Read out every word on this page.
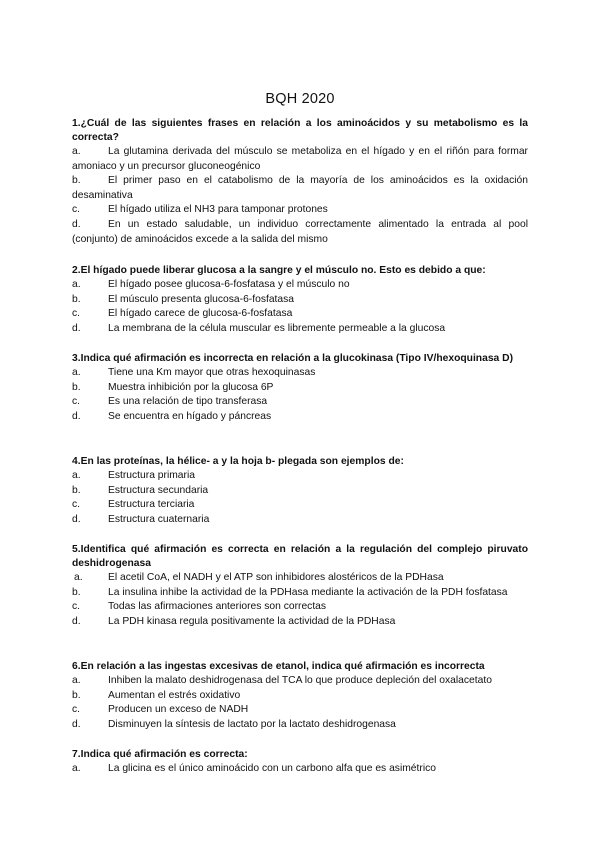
BQH 2020

1.¿Cuál de las siguientes frases en relación a los aminoácidos y su metabolismo es la correcta?

a.	La glutamina derivada del músculo se metaboliza en el hígado y en el riñón para formar amoniaco y un precursor gluconeogénico
b.	El primer paso en el catabolismo de la mayoría de los aminoácidos es la oxidación desaminativa
c.	El hígado utiliza el NH3 para tamponar protones
d.	En un estado saludable, un individuo correctamente alimentado la entrada al pool (conjunto) de aminoácidos excede a la salida del mismo

2.El hígado puede liberar glucosa a la sangre y el músculo no. Esto es debido a que:

a.	El hígado posee glucosa-6-fosfatasa y el músculo no
b.	El músculo presenta glucosa-6-fosfatasa
c.	El hígado carece de glucosa-6-fosfatasa
d.	La membrana de la célula muscular es libremente permeable a la glucosa

3.Indica qué afirmación es incorrecta en relación a la glucokinasa (Tipo IV/hexoquinasa D)

a.	Tiene una Km mayor que otras hexoquinasas
b.	Muestra inhibición por la glucosa 6P
c.	Es una relación de tipo transferasa
d.	Se encuentra en hígado y páncreas

4.En las proteínas, la hélice- a y la hoja b- plegada son ejemplos de:

a.	Estructura primaria
b.	Estructura secundaria
c.	Estructura terciaria
d.	Estructura cuaternaria

5.Identifica qué afirmación es correcta en relación a la regulación del complejo piruvato deshidrogenasa

a.	El acetil CoA, el NADH y el ATP son inhibidores alostéricos de la PDHasa
b.	La insulina inhibe la actividad de la PDHasa mediante la activación de la PDH fosfatasa
c.	Todas las afirmaciones anteriores son correctas
d.	La PDH kinasa regula positivamente la actividad de la PDHasa

6.En relación a las ingestas excesivas de etanol, indica qué afirmación es incorrecta

a.	Inhiben la malato deshidrogenasa del TCA lo que produce depleción del oxalacetato
b.	Aumentan el estrés oxidativo
c.	Producen un exceso de NADH
d.	Disminuyen la síntesis de lactato por la lactato deshidrogenasa

7.Indica qué afirmación es correcta:

a.	La glicina es el único aminoácido con un carbono alfa que es asimétrico
